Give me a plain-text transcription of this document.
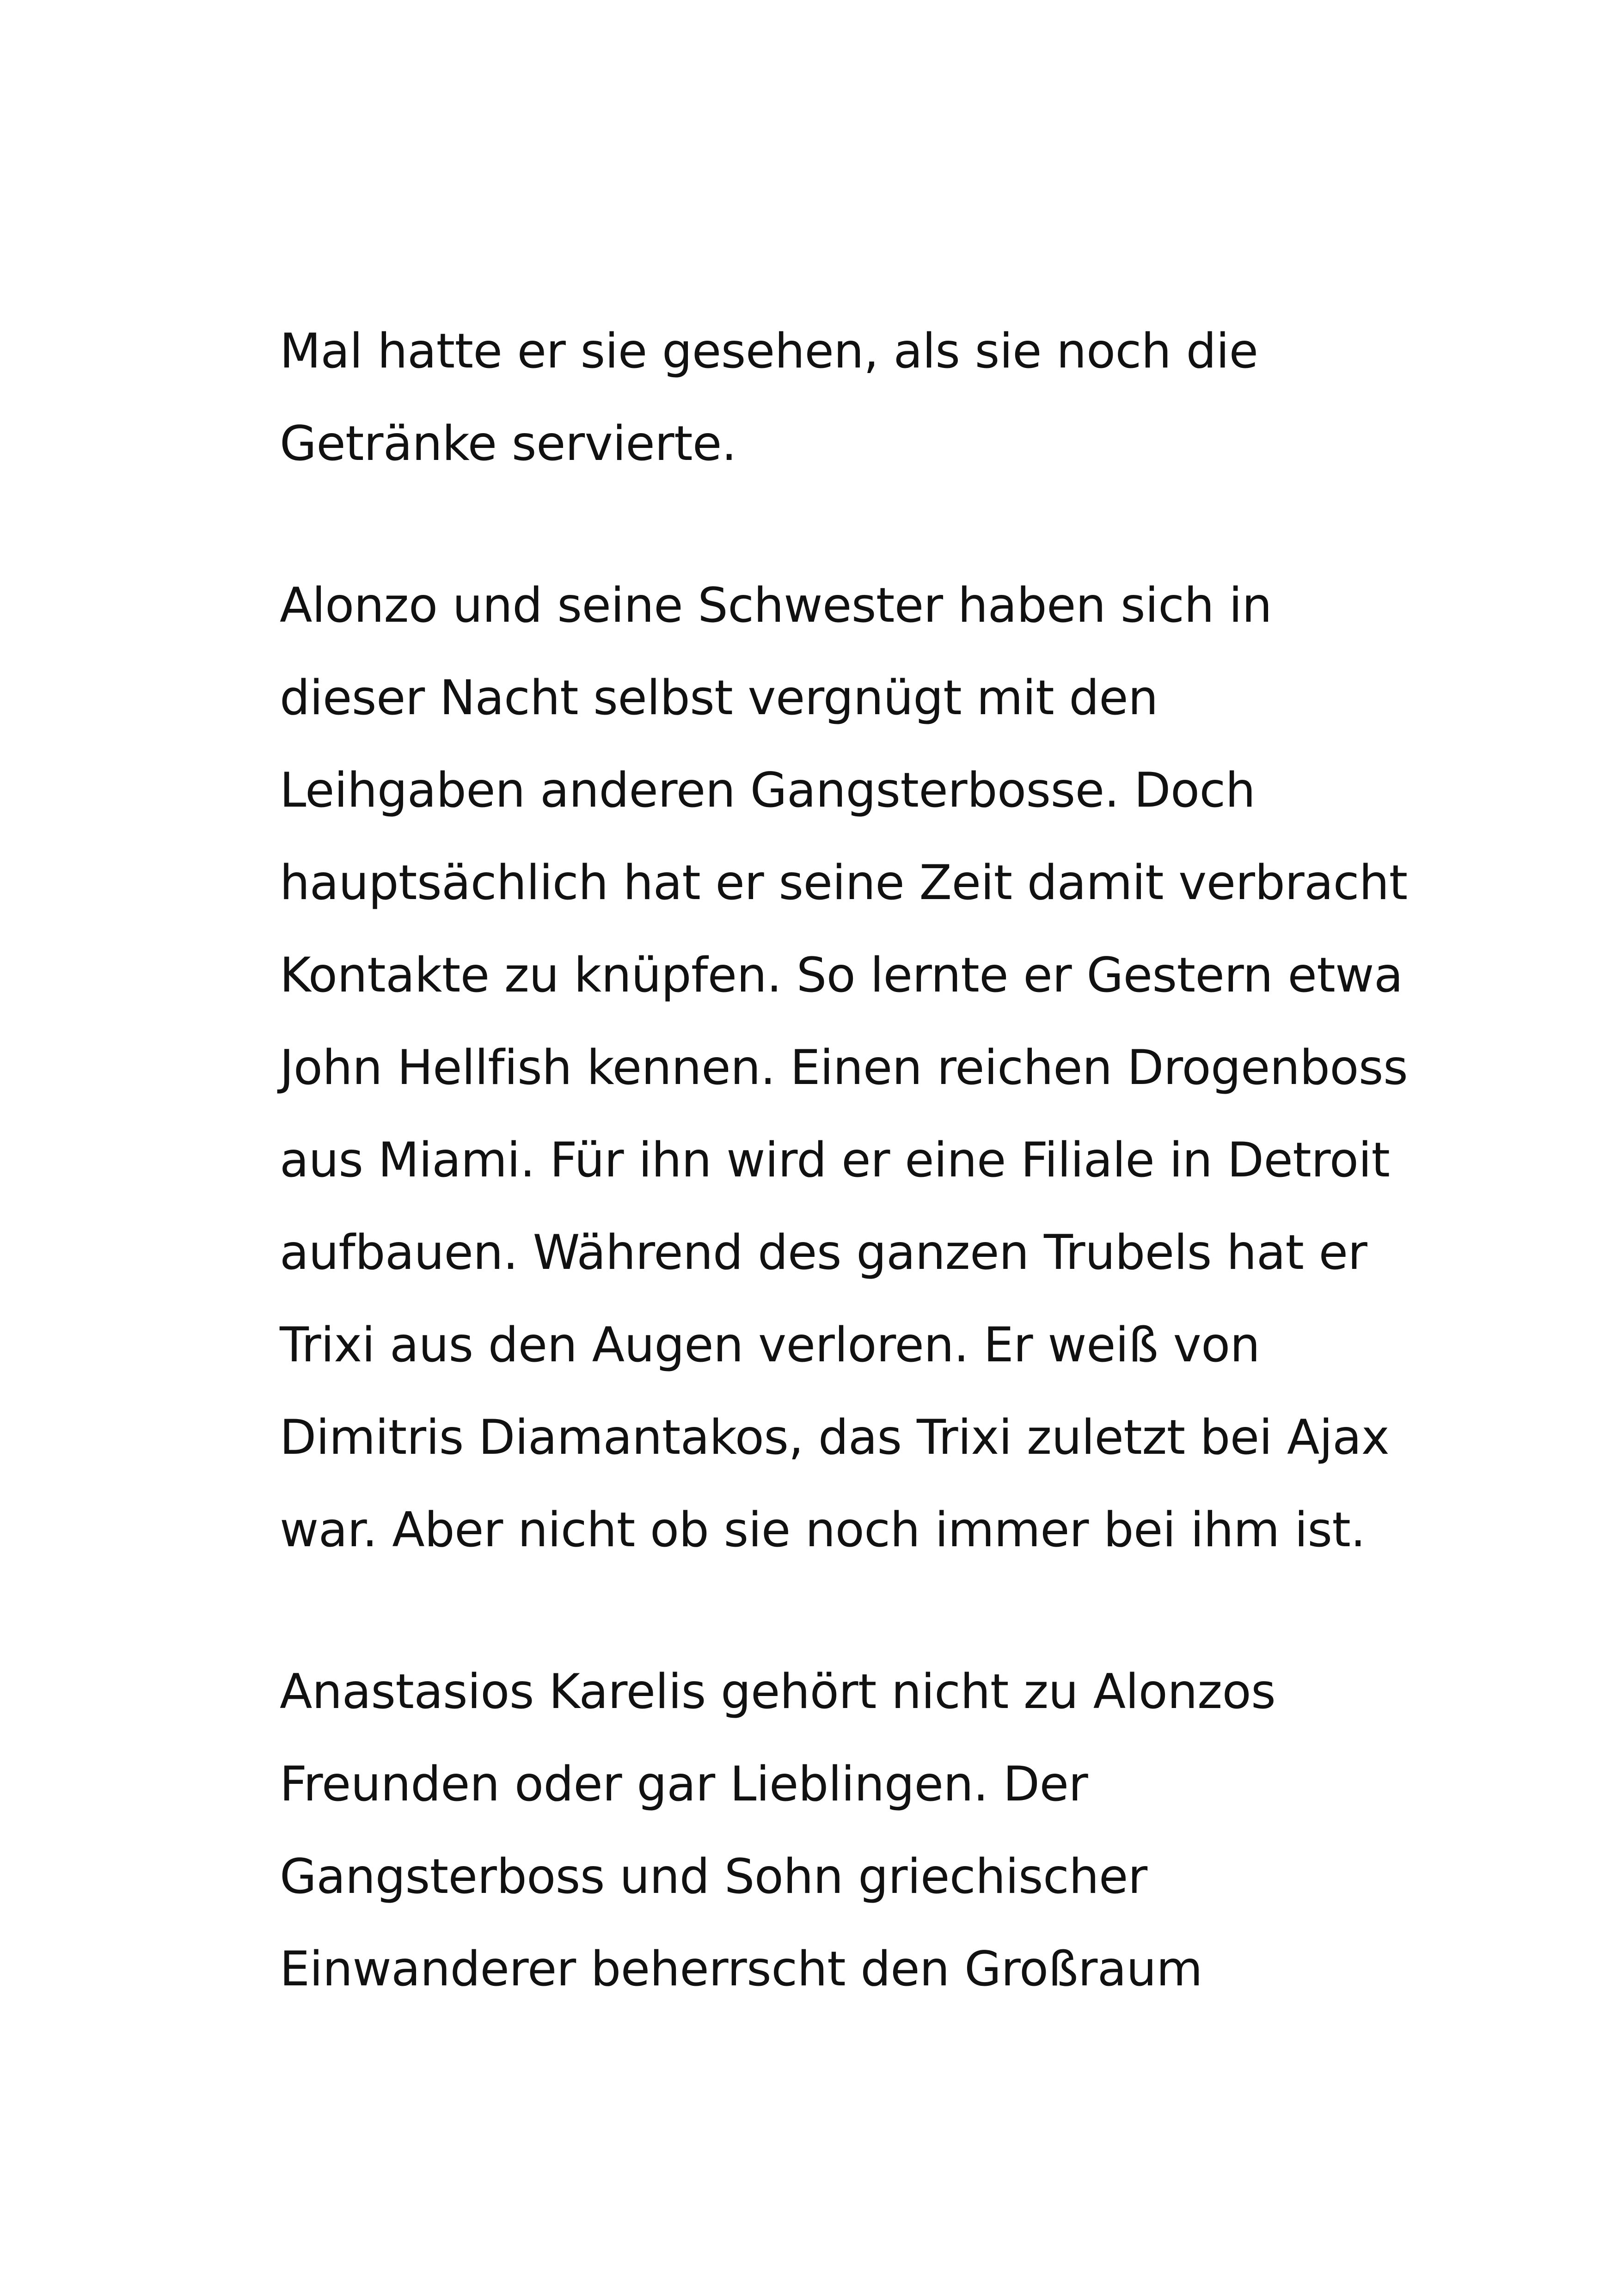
Mal hatte er sie gesehen, als sie noch die
Getränke servierte.
Alonzo und seine Schwester haben sich in
dieser Nacht selbst vergnügt mit den
Leihgaben anderen Gangsterbosse. Doch
hauptsächlich hat er seine Zeit damit verbracht
Kontakte zu knüpfen. So lernte er Gestern etwa
John Hellfish kennen. Einen reichen Drogenboss
aus Miami. Für ihn wird er eine Filiale in Detroit
aufbauen. Während des ganzen Trubels hat er
Trixi aus den Augen verloren. Er weiß von
Dimitris Diamantakos, das Trixi zuletzt bei Ajax
war. Aber nicht ob sie noch immer bei ihm ist.
Anastasios Karelis gehört nicht zu Alonzos
Freunden oder gar Lieblingen. Der
Gangsterboss und Sohn griechischer
Einwanderer beherrscht den Großraum
